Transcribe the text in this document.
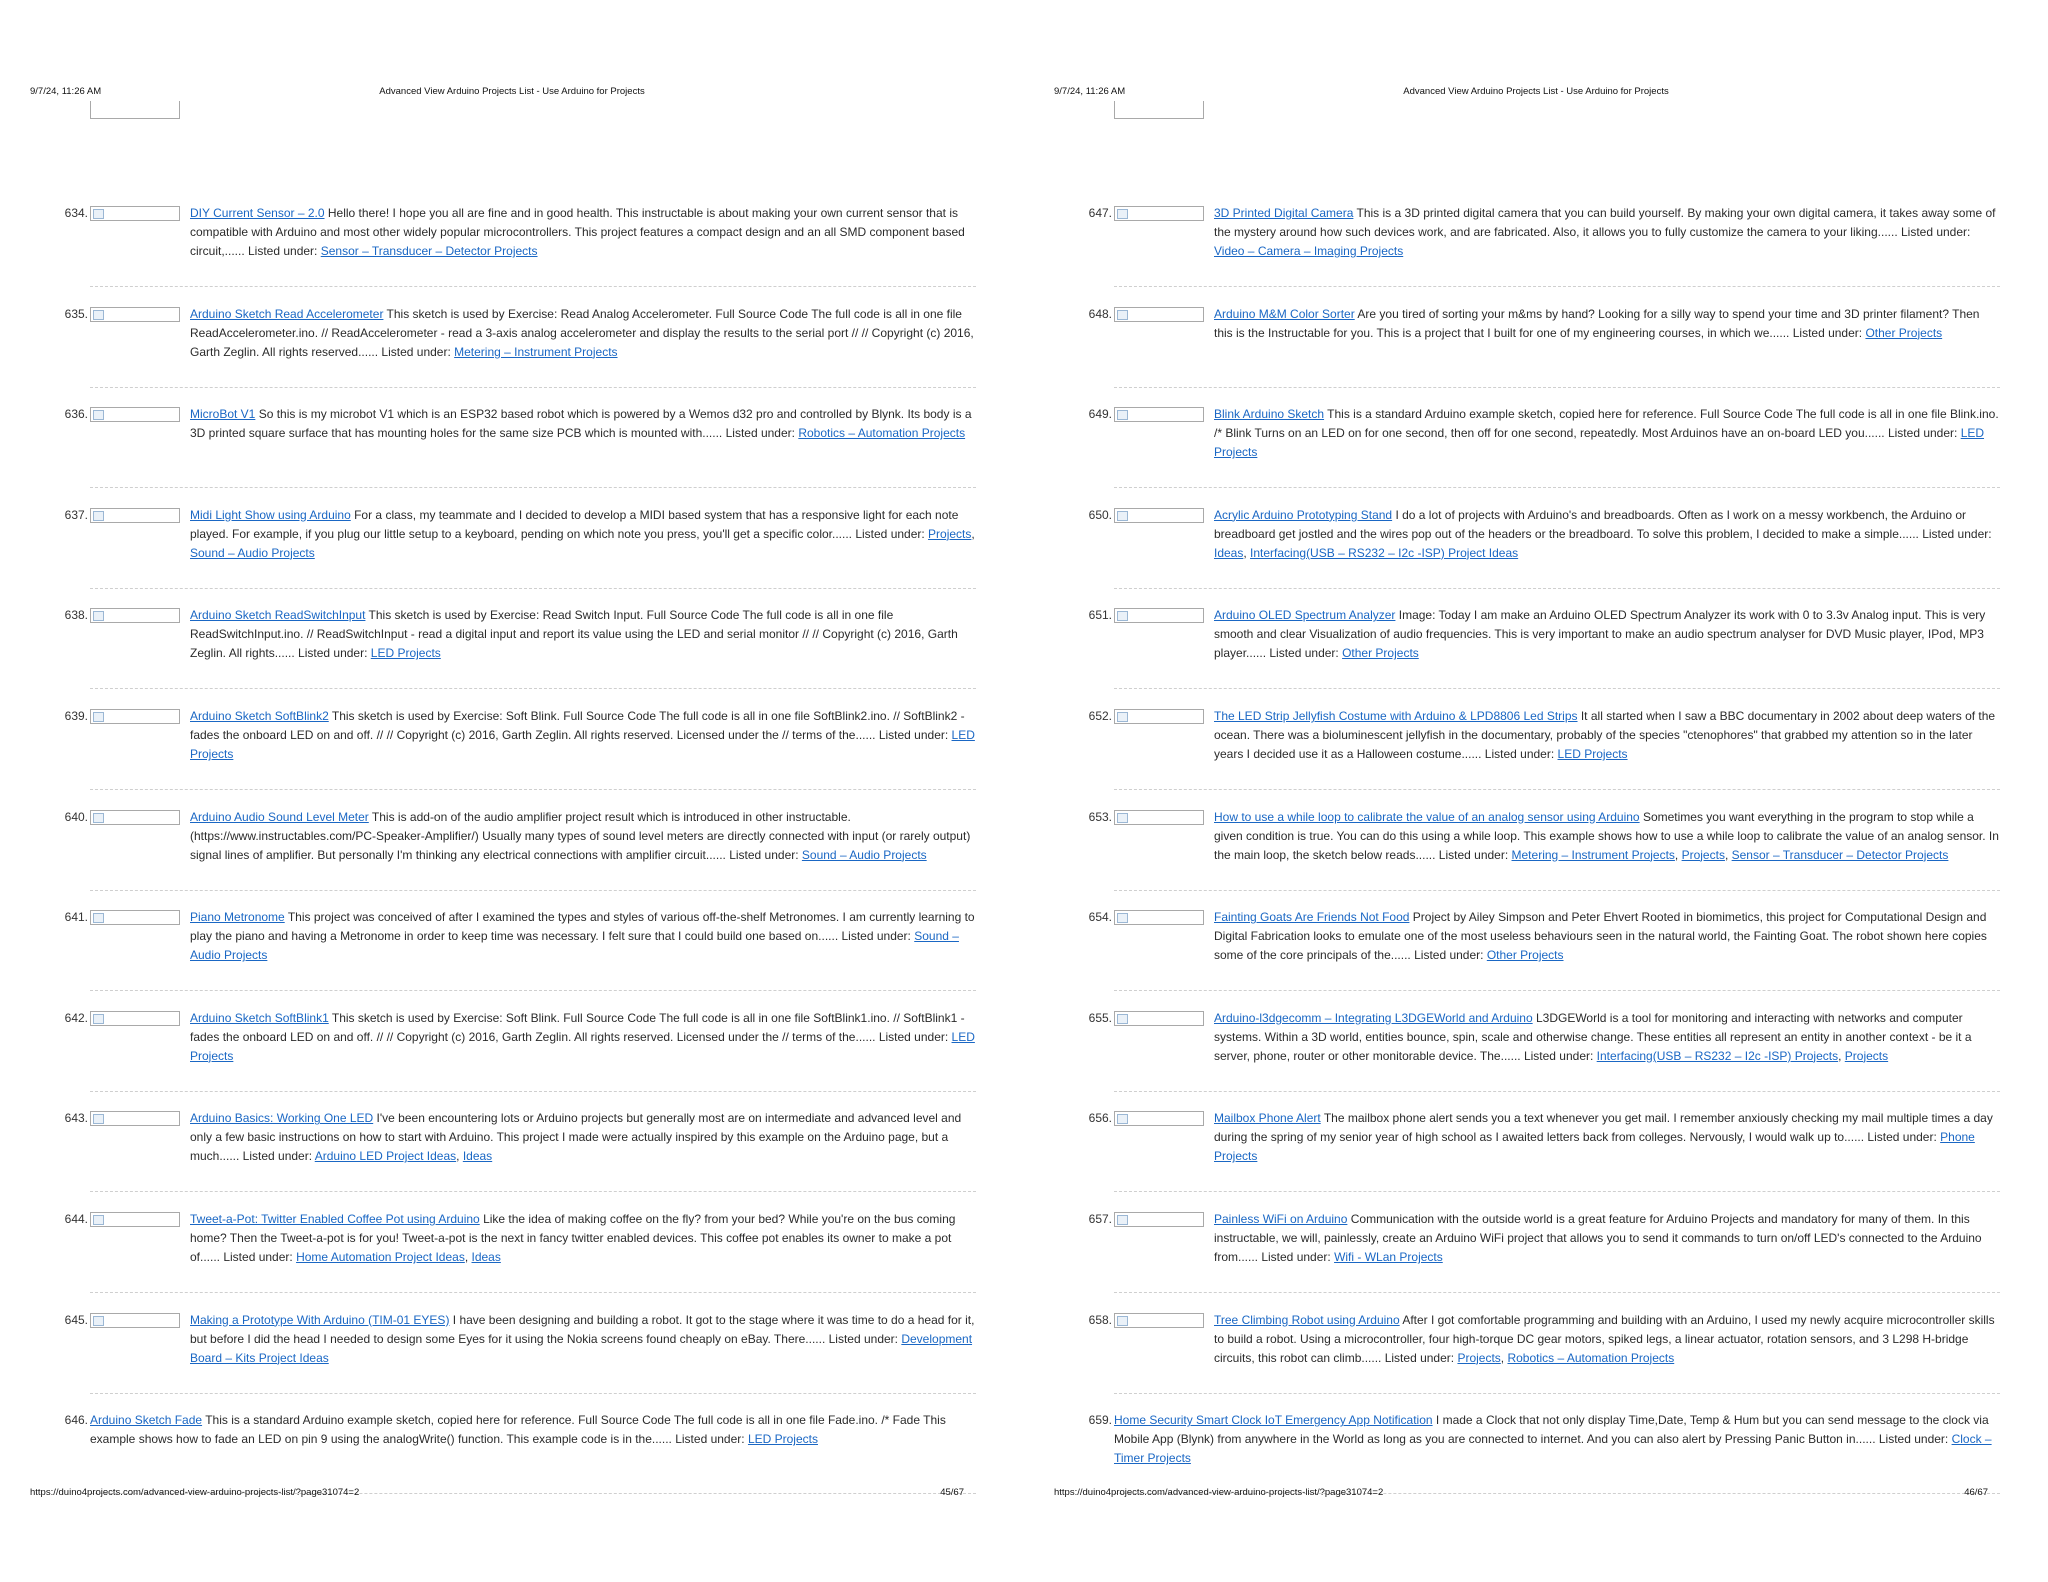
9/7/24, 11:26 AM	Advanced View Arduino Projects List - Use Arduino for Projects
634.	DIY Current Sensor – 2.0 Hello there! I hope you all are fine and in good health. This instructable is about making your own current sensor that is compatible with Arduino and most other widely popular microcontrollers. This project features a compact design and an all SMD component based circuit,...... Listed under: Sensor – Transducer – Detector Projects
635.	Arduino Sketch Read Accelerometer This sketch is used by Exercise: Read Analog Accelerometer. Full Source Code The full code is all in one file ReadAccelerometer.ino. // ReadAccelerometer - read a 3-axis analog accelerometer and display the results to the serial port // // Copyright (c) 2016, Garth Zeglin. All rights reserved...... Listed under: Metering – Instrument Projects
636.	MicroBot V1 So this is my microbot V1 which is an ESP32 based robot which is powered by a Wemos d32 pro and controlled by Blynk. Its body is a 3D printed square surface that has mounting holes for the same size PCB which is mounted with...... Listed under: Robotics – Automation Projects
637.	Midi Light Show using Arduino For a class, my teammate and I decided to develop a MIDI based system that has a responsive light for each note played. For example, if you plug our little setup to a keyboard, pending on which note you press, you'll get a specific color...... Listed under: Projects, Sound – Audio Projects
638.	Arduino Sketch ReadSwitchInput This sketch is used by Exercise: Read Switch Input. Full Source Code The full code is all in one file ReadSwitchInput.ino. // ReadSwitchInput - read a digital input and report its value using the LED and serial monitor // // Copyright (c) 2016, Garth Zeglin. All rights...... Listed under: LED Projects
639.	Arduino Sketch SoftBlink2 This sketch is used by Exercise: Soft Blink. Full Source Code The full code is all in one file SoftBlink2.ino. // SoftBlink2 - fades the onboard LED on and off. // // Copyright (c) 2016, Garth Zeglin. All rights reserved. Licensed under the // terms of the...... Listed under: LED Projects
640.	Arduino Audio Sound Level Meter This is add-on of the audio amplifier project result which is introduced in other instructable. (https://www.instructables.com/PC-Speaker-Amplifier/) Usually many types of sound level meters are directly connected with input (or rarely output) signal lines of amplifier. But personally I'm thinking any electrical connections with amplifier circuit...... Listed under: Sound – Audio Projects
641.	Piano Metronome This project was conceived of after I examined the types and styles of various off-the-shelf Metronomes. I am currently learning to play the piano and having a Metronome in order to keep time was necessary. I felt sure that I could build one based on...... Listed under: Sound – Audio Projects
642.	Arduino Sketch SoftBlink1 This sketch is used by Exercise: Soft Blink. Full Source Code The full code is all in one file SoftBlink1.ino. // SoftBlink1 - fades the onboard LED on and off. // // Copyright (c) 2016, Garth Zeglin. All rights reserved. Licensed under the // terms of the...... Listed under: LED Projects
643.	Arduino Basics: Working One LED I've been encountering lots or Arduino projects but generally most are on intermediate and advanced level and only a few basic instructions on how to start with Arduino. This project I made were actually inspired by this example on the Arduino page, but a much...... Listed under: Arduino LED Project Ideas, Ideas
644.	Tweet-a-Pot: Twitter Enabled Coffee Pot using Arduino Like the idea of making coffee on the fly? from your bed? While you're on the bus coming home? Then the Tweet-a-pot is for you! Tweet-a-pot is the next in fancy twitter enabled devices. This coffee pot enables its owner to make a pot of...... Listed under: Home Automation Project Ideas, Ideas
645.	Making a Prototype With Arduino (TIM-01 EYES) I have been designing and building a robot. It got to the stage where it was time to do a head for it, but before I did the head I needed to design some Eyes for it using the Nokia screens found cheaply on eBay. There...... Listed under: Development Board – Kits Project Ideas
646. Arduino Sketch Fade This is a standard Arduino example sketch, copied here for reference. Full Source Code The full code is all in one file Fade.ino. /* Fade This example shows how to fade an LED on pin 9 using the analogWrite() function. This example code is in the...... Listed under: LED Projects
https://duino4projects.com/advanced-view-arduino-projects-list/?page31074=2	45/67
9/7/24, 11:26 AM	Advanced View Arduino Projects List - Use Arduino for Projects
647.	3D Printed Digital Camera This is a 3D printed digital camera that you can build yourself. By making your own digital camera, it takes away some of the mystery around how such devices work, and are fabricated. Also, it allows you to fully customize the camera to your liking...... Listed under: Video – Camera – Imaging Projects
648.	Arduino M&M Color Sorter Are you tired of sorting your m&ms by hand? Looking for a silly way to spend your time and 3D printer filament? Then this is the Instructable for you. This is a project that I built for one of my engineering courses, in which we...... Listed under: Other Projects
649.	Blink Arduino Sketch This is a standard Arduino example sketch, copied here for reference. Full Source Code The full code is all in one file Blink.ino. /* Blink Turns on an LED on for one second, then off for one second, repeatedly. Most Arduinos have an on-board LED you...... Listed under: LED Projects
650.	Acrylic Arduino Prototyping Stand I do a lot of projects with Arduino's and breadboards. Often as I work on a messy workbench, the Arduino or breadboard get jostled and the wires pop out of the headers or the breadboard. To solve this problem, I decided to make a simple...... Listed under: Ideas, Interfacing(USB – RS232 – I2c -ISP) Project Ideas
651.	Arduino OLED Spectrum Analyzer Image: Today I am make an Arduino OLED Spectrum Analyzer its work with 0 to 3.3v Analog input. This is very smooth and clear Visualization of audio frequencies. This is very important to make an audio spectrum analyser for DVD Music player, IPod, MP3 player...... Listed under: Other Projects
652.	The LED Strip Jellyfish Costume with Arduino & LPD8806 Led Strips It all started when I saw a BBC documentary in 2002 about deep waters of the ocean. There was a bioluminescent jellyfish in the documentary, probably of the species "ctenophores" that grabbed my attention so in the later years I decided use it as a Halloween costume...... Listed under: LED Projects
653.	How to use a while loop to calibrate the value of an analog sensor using Arduino Sometimes you want everything in the program to stop while a given condition is true. You can do this using a while loop. This example shows how to use a while loop to calibrate the value of an analog sensor. In the main loop, the sketch below reads...... Listed under: Metering – Instrument Projects, Projects, Sensor – Transducer – Detector Projects
654.	Fainting Goats Are Friends Not Food Project by Ailey Simpson and Peter Ehvert Rooted in biomimetics, this project for Computational Design and Digital Fabrication looks to emulate one of the most useless behaviours seen in the natural world, the Fainting Goat. The robot shown here copies some of the core principals of the...... Listed under: Other Projects
655.	Arduino-l3dgecomm – Integrating L3DGEWorld and Arduino L3DGEWorld is a tool for monitoring and interacting with networks and computer systems. Within a 3D world, entities bounce, spin, scale and otherwise change. These entities all represent an entity in another context - be it a server, phone, router or other monitorable device. The...... Listed under: Interfacing(USB – RS232 – I2c -ISP) Projects, Projects
656.	Mailbox Phone Alert The mailbox phone alert sends you a text whenever you get mail. I remember anxiously checking my mail multiple times a day during the spring of my senior year of high school as I awaited letters back from colleges. Nervously, I would walk up to...... Listed under: Phone Projects
657.	Painless WiFi on Arduino Communication with the outside world is a great feature for Arduino Projects and mandatory for many of them. In this instructable, we will, painlessly, create an Arduino WiFi project that allows you to send it commands to turn on/off LED's connected to the Arduino from...... Listed under: Wifi - WLan Projects
658.	Tree Climbing Robot using Arduino After I got comfortable programming and building with an Arduino, I used my newly acquire microcontroller skills to build a robot. Using a microcontroller, four high-torque DC gear motors, spiked legs, a linear actuator, rotation sensors, and 3 L298 H-bridge circuits, this robot can climb...... Listed under: Projects, Robotics – Automation Projects
659. Home Security Smart Clock IoT Emergency App Notification I made a Clock that not only display Time,Date, Temp & Hum but you can send message to the clock via Mobile App (Blynk) from anywhere in the World as long as you are connected to internet. And you can also alert by Pressing Panic Button in...... Listed under: Clock – Timer Projects
https://duino4projects.com/advanced-view-arduino-projects-list/?page31074=2	46/67
